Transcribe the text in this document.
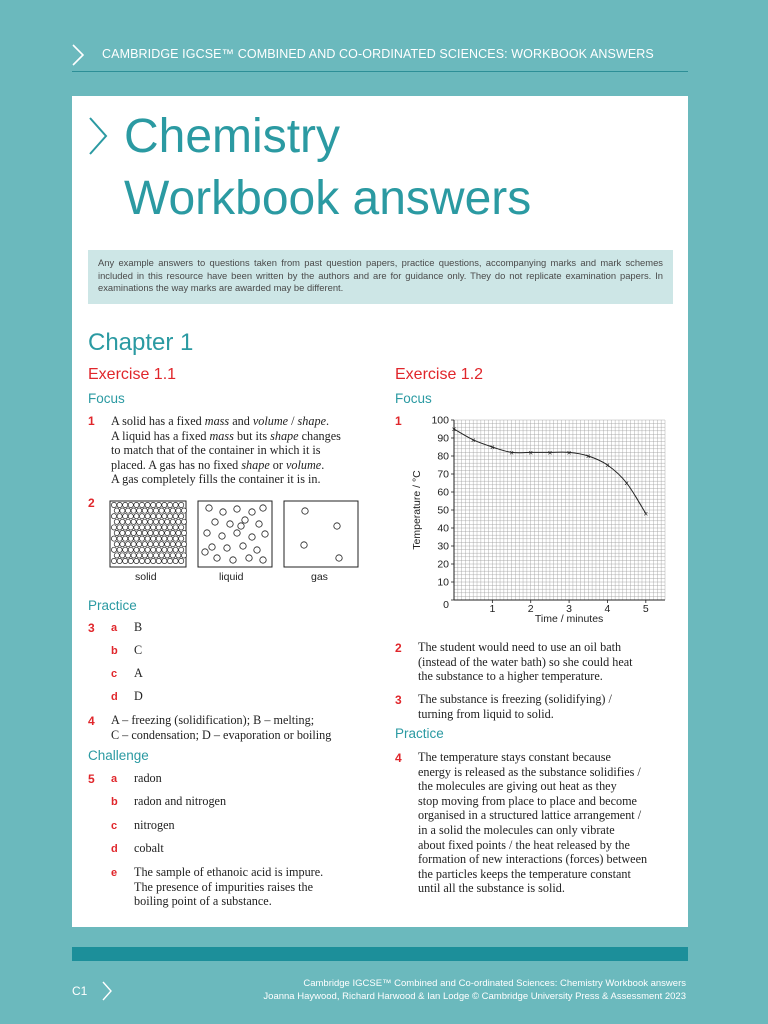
CAMBRIDGE IGCSE™ COMBINED AND CO-ORDINATED SCIENCES: WORKBOOK ANSWERS
Chemistry
Workbook answers
Any example answers to questions taken from past question papers, practice questions, accompanying marks and mark schemes included in this resource have been written by the authors and are for guidance only. They do not replicate examination papers. In examinations the way marks are awarded may be different.
Chapter 1
Exercise 1.1
Focus
1 A solid has a fixed mass and volume / shape.
A liquid has a fixed mass but its shape changes
to match that of the container in which it is
placed. A gas has no fixed shape or volume.
A gas completely fills the container it is in.
2
solid	liquid	gas
Practice
3 a B
b C
c A
d D
4 A – freezing (solidification); B – melting;
C – condensation; D – evaporation or boiling
Challenge
5 a radon
b radon and nitrogen
c nitrogen
d cobalt
e The sample of ethanoic acid is impure.
The presence of impurities raises the
boiling point of a substance.
Exercise 1.2
Focus
1
0
10
20
30
40
50
60
70
80
90
100
1	2	3	4	5
Time / minutes
Temperature / °C
×
×
×
× × × × ×
×
×
×
2 The student would need to use an oil bath
(instead of the water bath) so she could heat
the substance to a higher temperature.
3 The substance is freezing (solidifying) /
turning from liquid to solid.
Practice
4 The temperature stays constant because
energy is released as the substance solidifies /
the molecules are giving out heat as they
stop moving from place to place and become
organised in a structured lattice arrangement /
in a solid the molecules can only vibrate
about fixed points / the heat released by the
formation of new interactions (forces) between
the particles keeps the temperature constant
until all the substance is solid.
C1
Cambridge IGCSE™ Combined and Co-ordinated Sciences: Chemistry Workbook answers
Joanna Haywood, Richard Harwood & Ian Lodge © Cambridge University Press & Assessment 2023
